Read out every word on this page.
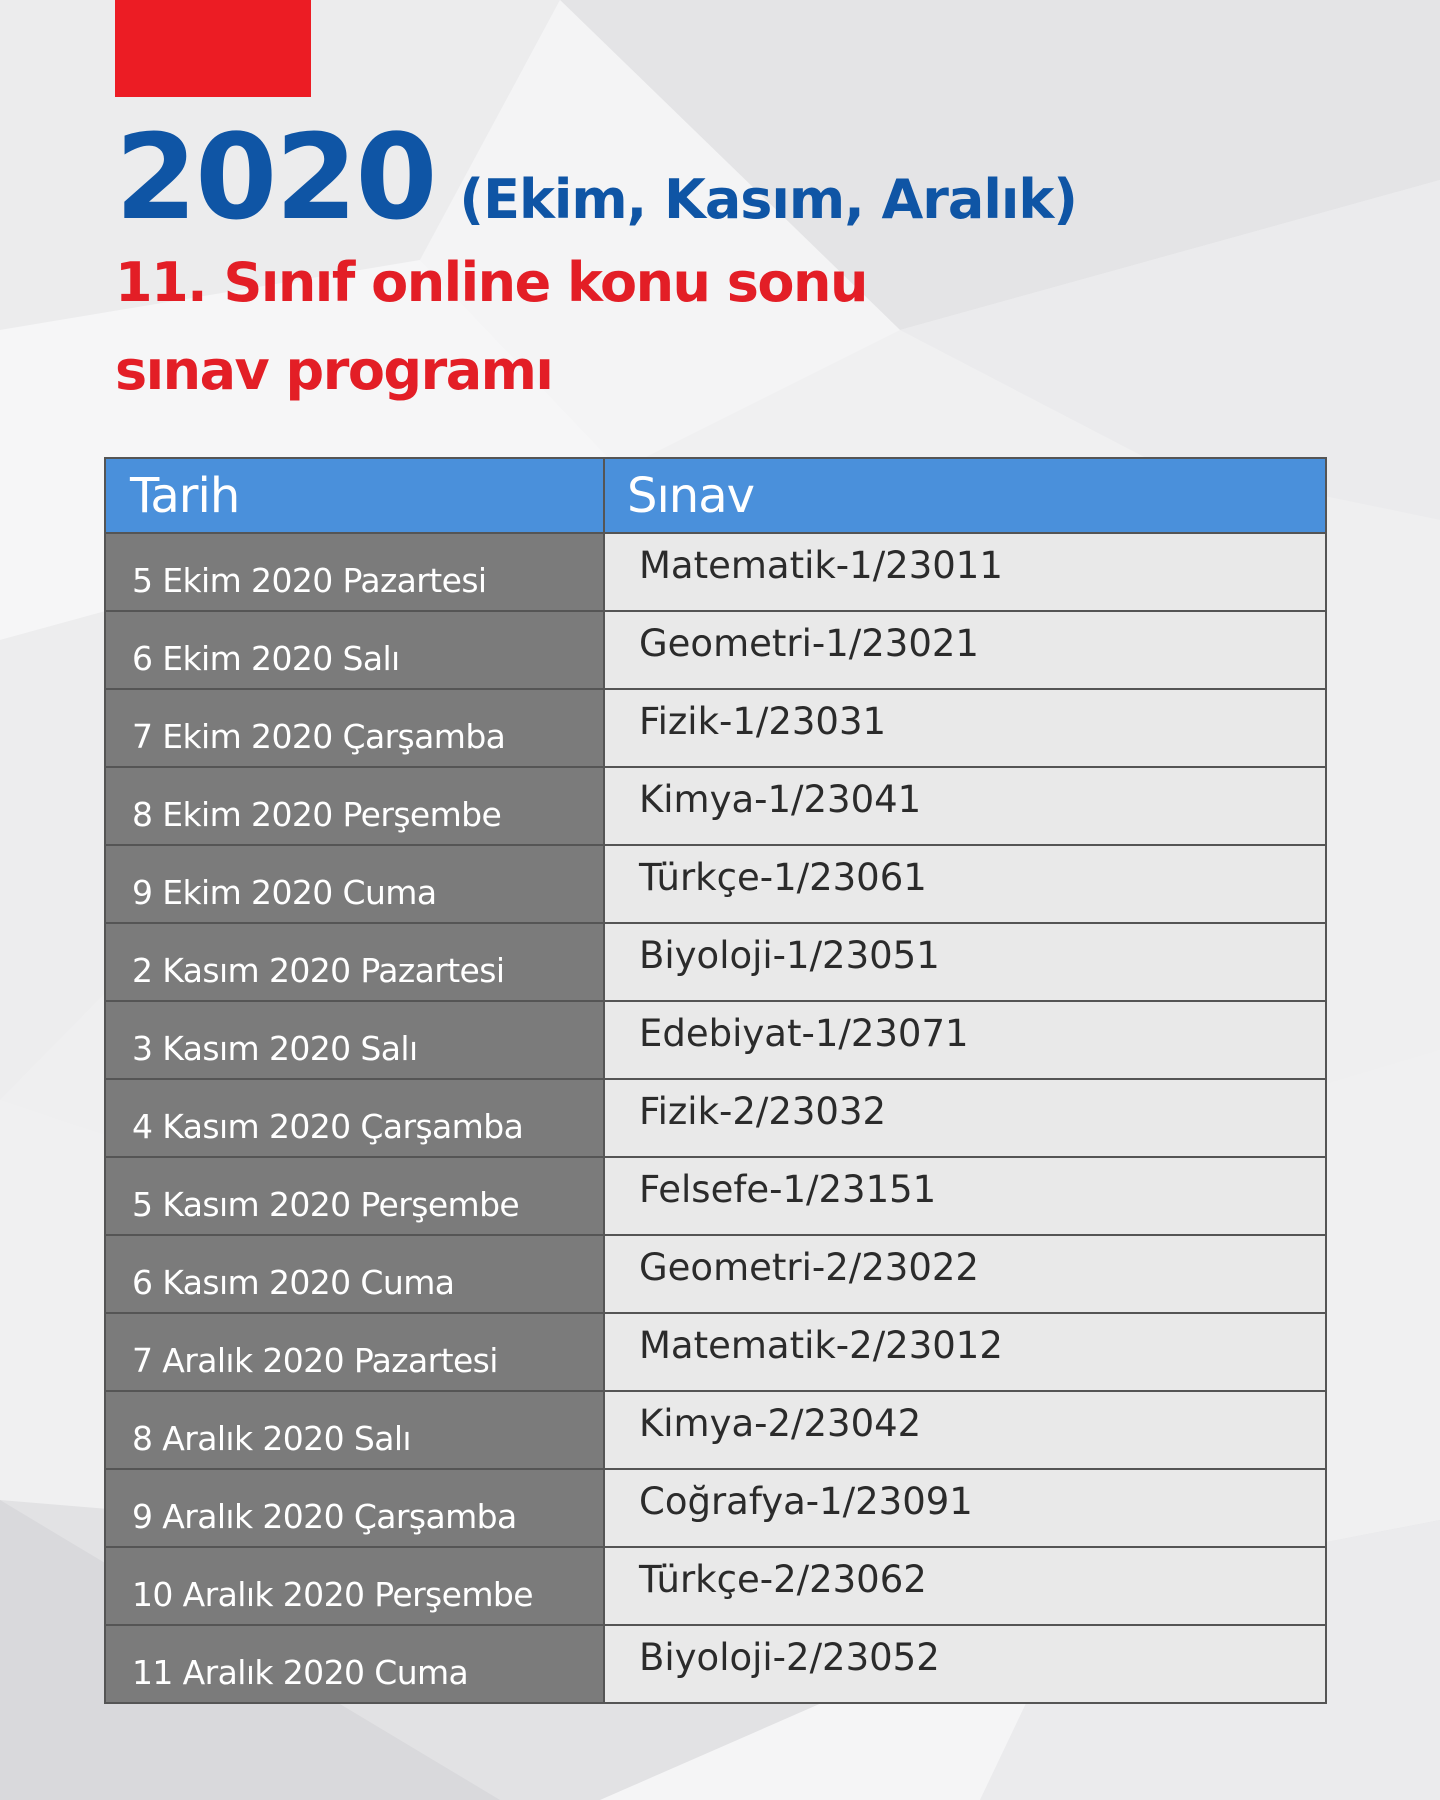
2020 (Ekim, Kasım, Aralık)
11. Sınıf online konu sonu
sınav programı
Tarih	Sınav
5 Ekim 2020 Pazartesi	Matematik-1/23011
6 Ekim 2020 Salı	Geometri-1/23021
7 Ekim 2020 Çarşamba	Fizik-1/23031
8 Ekim 2020 Perşembe	Kimya-1/23041
9 Ekim 2020 Cuma	Türkçe-1/23061
2 Kasım 2020 Pazartesi	Biyoloji-1/23051
3 Kasım 2020 Salı	Edebiyat-1/23071
4 Kasım 2020 Çarşamba	Fizik-2/23032
5 Kasım 2020 Perşembe	Felsefe-1/23151
6 Kasım 2020 Cuma	Geometri-2/23022
7 Aralık 2020 Pazartesi	Matematik-2/23012
8 Aralık 2020 Salı	Kimya-2/23042
9 Aralık 2020 Çarşamba	Coğrafya-1/23091
10 Aralık 2020 Perşembe	Türkçe-2/23062
11 Aralık 2020 Cuma	Biyoloji-2/23052
